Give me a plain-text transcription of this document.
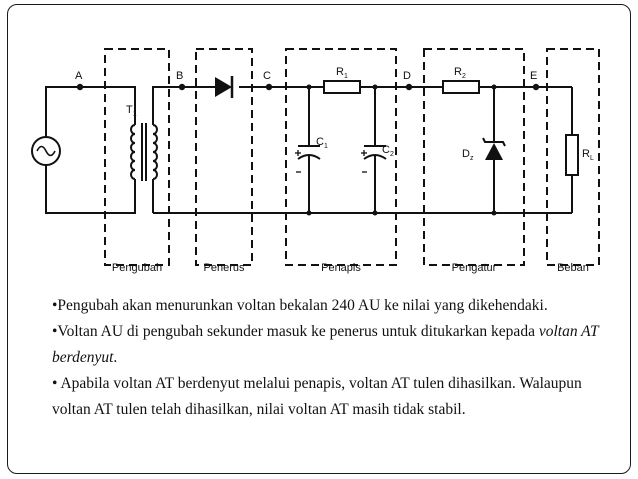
A	B	C	D	E
$T_1$
$R_1$	$R_2$
$C_1$	$C_2$	$D_z$	$R_L$
Pengubah	Penerus	Penapis	Pengatur	Beban

•Pengubah akan menurunkan voltan bekalan 240 AU ke nilai yang dikehendaki.

•Voltan AU di pengubah sekunder masuk ke penerus untuk ditukarkan kepada voltan AT berdenyut.

• Apabila voltan AT berdenyut melalui penapis, voltan AT tulen dihasilkan. Walaupun voltan AT tulen telah dihasilkan, nilai voltan AT masih tidak stabil.
